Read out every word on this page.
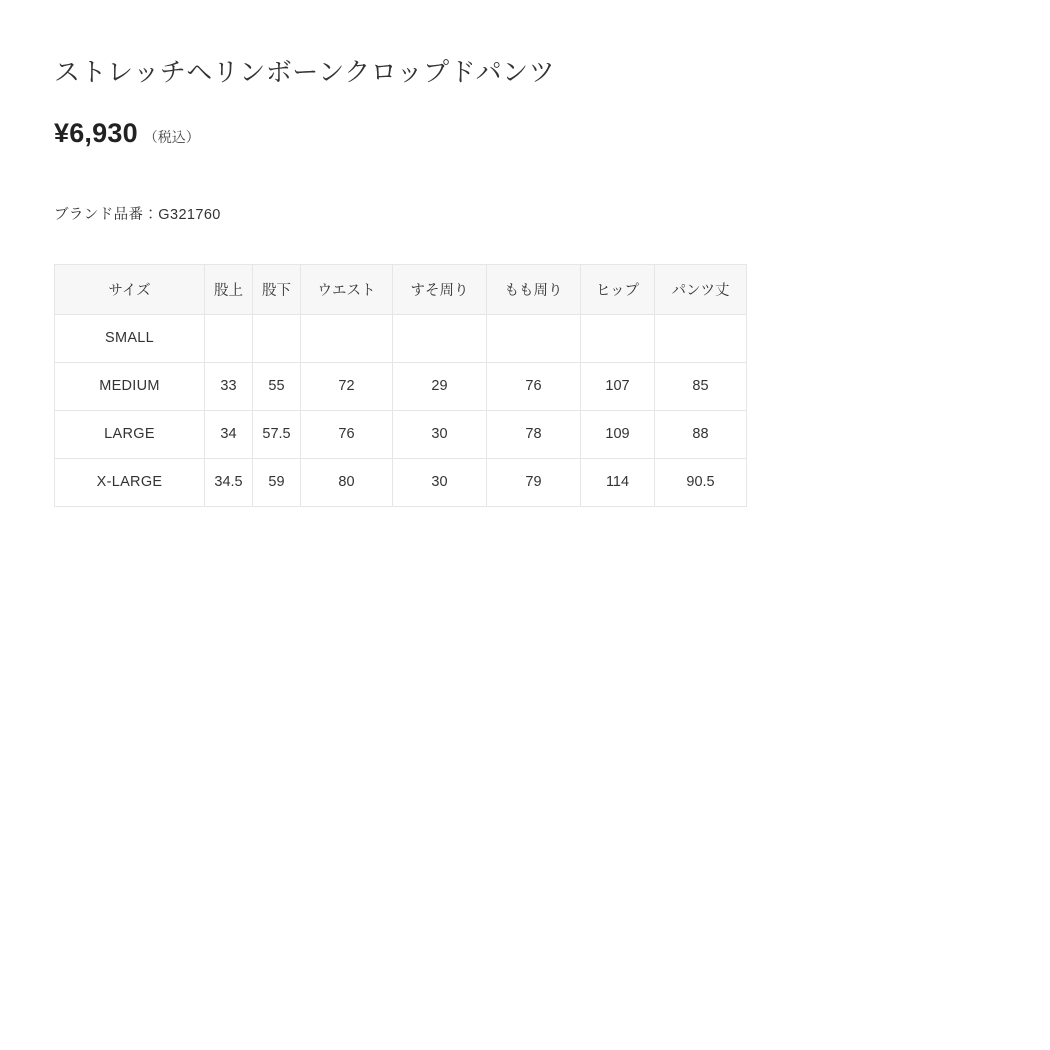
ストレッチヘリンボーンクロップドパンツ
¥6,930 （税込）
ブランド品番：G321760
サイズ	股上	股下	ウエスト	すそ周り	もも周り	ヒップ	パンツ丈
SMALL							
MEDIUM	33	55	72	29	76	107	85
LARGE	34	57.5	76	30	78	109	88
X-LARGE	34.5	59	80	30	79	114	90.5
